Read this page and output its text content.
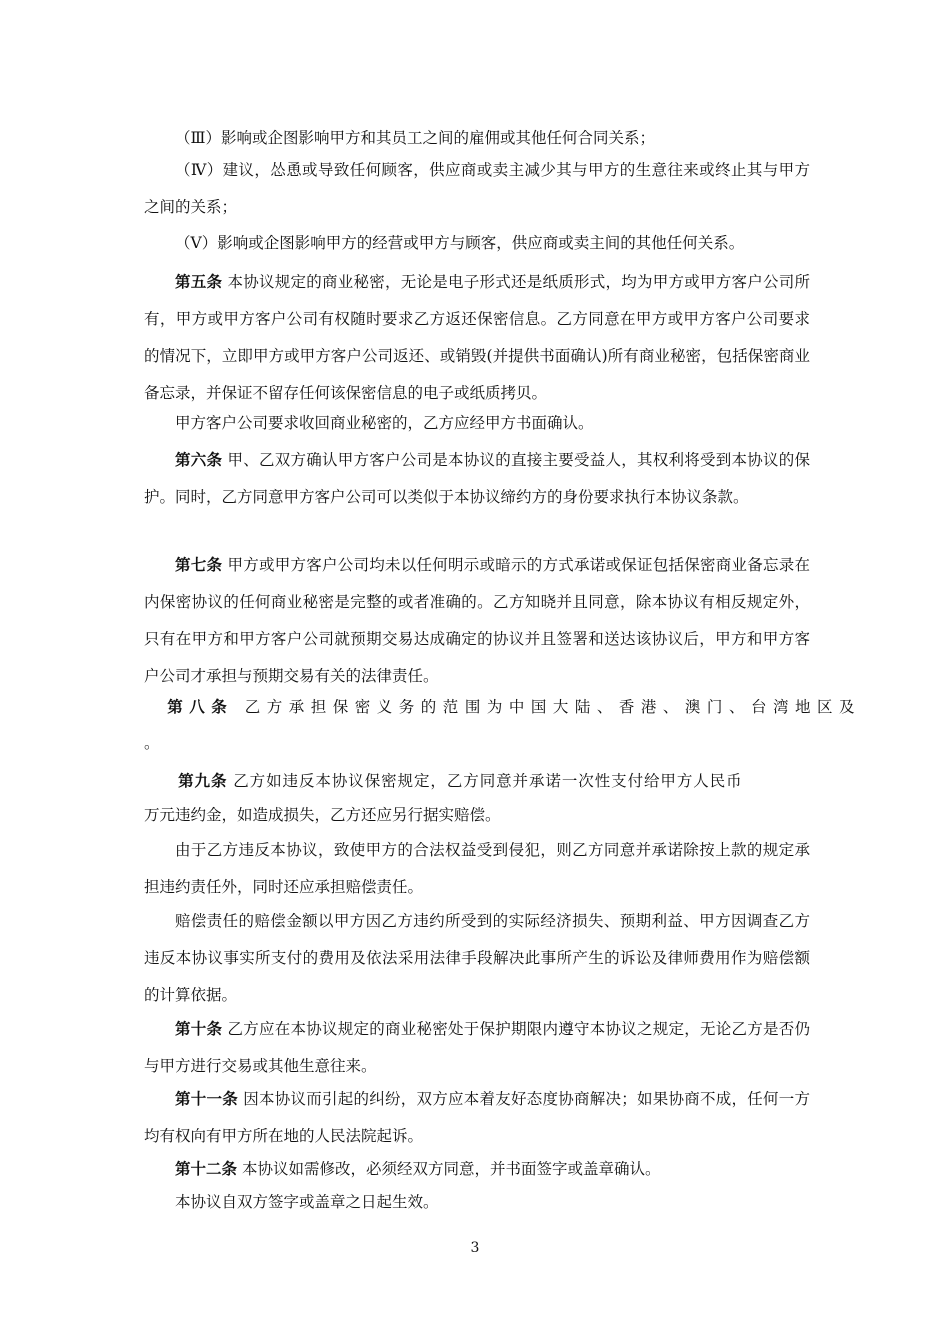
（Ⅲ）影响或企图影响甲方和其员工之间的雇佣或其他任何合同关系；

（Ⅳ）建议，怂恿或导致任何顾客，供应商或卖主减少其与甲方的生意往来或终止其与甲方之间的关系；

（Ⅴ）影响或企图影响甲方的经营或甲方与顾客，供应商或卖主间的其他任何关系。

第五条 本协议规定的商业秘密，无论是电子形式还是纸质形式，均为甲方或甲方客户公司所有，甲方或甲方客户公司有权随时要求乙方返还保密信息。乙方同意在甲方或甲方客户公司要求的情况下，立即甲方或甲方客户公司返还、或销毁(并提供书面确认)所有商业秘密，包括保密商业备忘录，并保证不留存任何该保密信息的电子或纸质拷贝。

甲方客户公司要求收回商业秘密的，乙方应经甲方书面确认。

第六条 甲、乙双方确认甲方客户公司是本协议的直接主要受益人，其权利将受到本协议的保护。同时，乙方同意甲方客户公司可以类似于本协议缔约方的身份要求执行本协议条款。

第七条 甲方或甲方客户公司均未以任何明示或暗示的方式承诺或保证包括保密商业备忘录在内保密协议的任何商业秘密是完整的或者准确的。乙方知晓并且同意，除本协议有相反规定外，只有在甲方和甲方客户公司就预期交易达成确定的协议并且签署和送达该协议后，甲方和甲方客户公司才承担与预期交易有关的法律责任。

第八条 乙方承担保密义务的范围为中国大陆、香港、澳门、台湾地区及

。

第九条 乙方如违反本协议保密规定，乙方同意并承诺一次性支付给甲方人民币

万元违约金，如造成损失，乙方还应另行据实赔偿。

由于乙方违反本协议，致使甲方的合法权益受到侵犯，则乙方同意并承诺除按上款的规定承担违约责任外，同时还应承担赔偿责任。

赔偿责任的赔偿金额以甲方因乙方违约所受到的实际经济损失、预期利益、甲方因调查乙方违反本协议事实所支付的费用及依法采用法律手段解决此事所产生的诉讼及律师费用作为赔偿额的计算依据。

第十条 乙方应在本协议规定的商业秘密处于保护期限内遵守本协议之规定，无论乙方是否仍与甲方进行交易或其他生意往来。

第十一条 因本协议而引起的纠纷，双方应本着友好态度协商解决；如果协商不成，任何一方均有权向有甲方所在地的人民法院起诉。

第十二条 本协议如需修改，必须经双方同意，并书面签字或盖章确认。

本协议自双方签字或盖章之日起生效。

3
